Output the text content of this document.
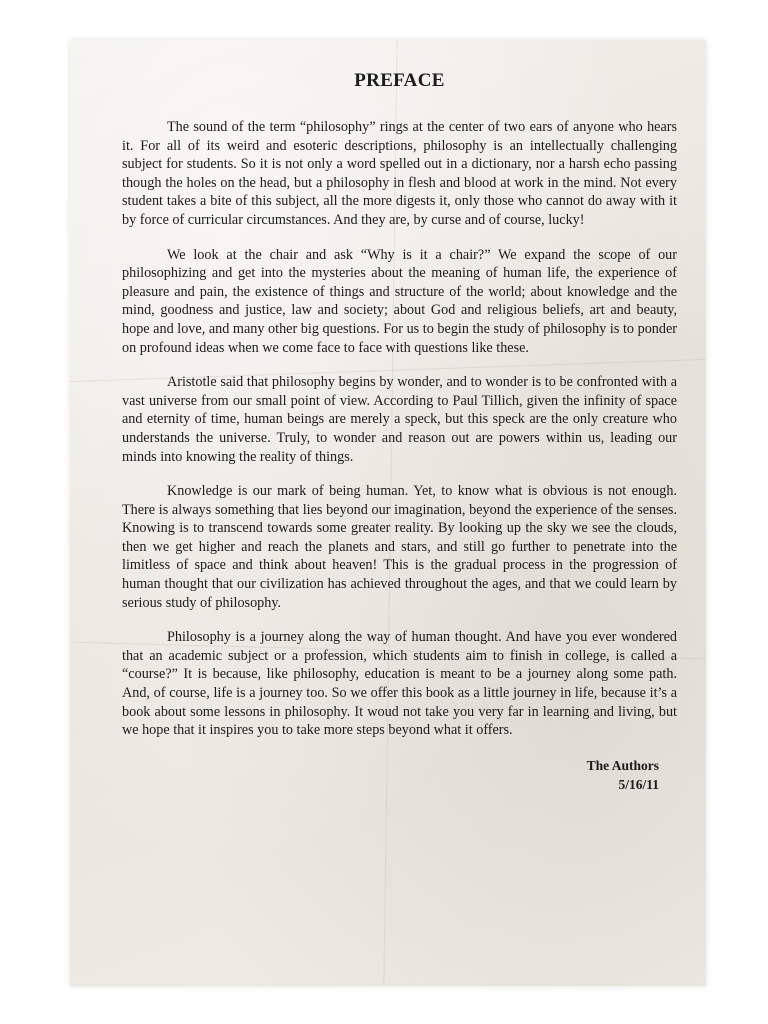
PREFACE

The sound of the term “philosophy” rings at the center of two ears of anyone who hears it. For all of its weird and esoteric descriptions, philosophy is an intellectually challenging subject for students. So it is not only a word spelled out in a dictionary, nor a harsh echo passing though the holes on the head, but a philosophy in flesh and blood at work in the mind. Not every student takes a bite of this subject, all the more digests it, only those who cannot do away with it by force of curricular circumstances. And they are, by curse and of course, lucky!

We look at the chair and ask “Why is it a chair?” We expand the scope of our philosophizing and get into the mysteries about the meaning of human life, the experience of pleasure and pain, the existence of things and structure of the world; about knowledge and the mind, goodness and justice, law and society; about God and religious beliefs, art and beauty, hope and love, and many other big questions. For us to begin the study of philosophy is to ponder on profound ideas when we come face to face with questions like these.

Aristotle said that philosophy begins by wonder, and to wonder is to be confronted with a vast universe from our small point of view. According to Paul Tillich, given the infinity of space and eternity of time, human beings are merely a speck, but this speck are the only creature who understands the universe. Truly, to wonder and reason out are powers within us, leading our minds into knowing the reality of things.

Knowledge is our mark of being human. Yet, to know what is obvious is not enough. There is always something that lies beyond our imagination, beyond the experience of the senses. Knowing is to transcend towards some greater reality. By looking up the sky we see the clouds, then we get higher and reach the planets and stars, and still go further to penetrate into the limitless of space and think about heaven! This is the gradual process in the progression of human thought that our civilization has achieved throughout the ages, and that we could learn by serious study of philosophy.

Philosophy is a journey along the way of human thought. And have you ever wondered that an academic subject or a profession, which students aim to finish in college, is called a “course?” It is because, like philosophy, education is meant to be a journey along some path. And, of course, life is a journey too. So we offer this book as a little journey in life, because it’s a book about some lessons in philosophy. It woud not take you very far in learning and living, but we hope that it inspires you to take more steps beyond what it offers.

The Authors
5/16/11
